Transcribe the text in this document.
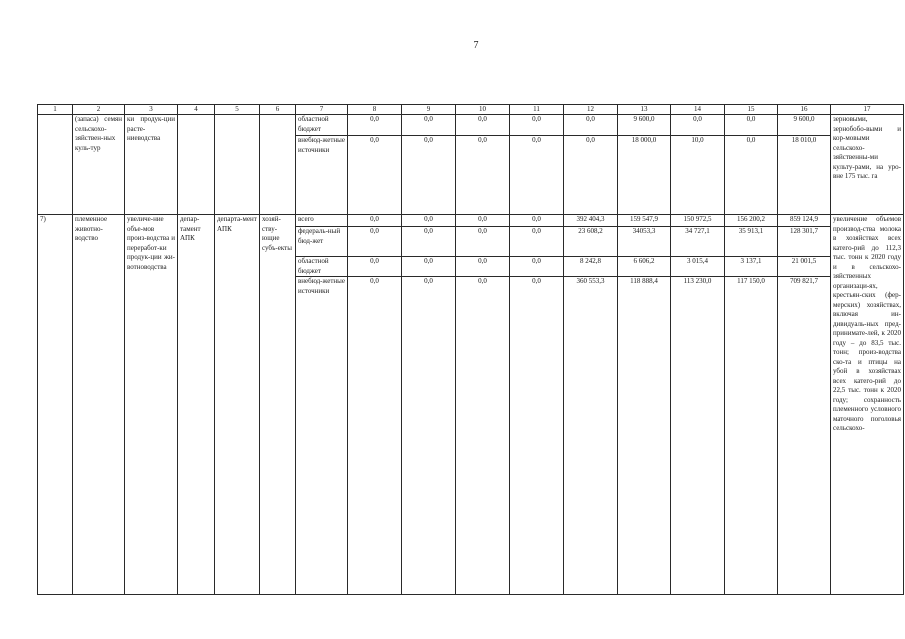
7
1	2	3	4	5	6	7	8	9	10	11	12	13	14	15	16	17
	(запаса) семян сельскохо-зяйствен-ных куль-тур	ки продук-ции расте-ниеводства				областной бюджет	0,0	0,0	0,0	0,0	0,0	9 600,0	0,0	0,0	9 600,0	зерновыми, зернобобо-выми и кор-мовыми сельскохо-зяйственны-ми культу-рами, на уро-вне 175 тыс. га
						внебюд-жетные источники	0,0	0,0	0,0	0,0	0,0	18 000,0	10,0	0,0	18 010,0	
7)	племенное животно-водство	увеличе-ние объе-мов произ-водства и переработ-ки продук-ции жи-вотноводства	депар-тамент АПК	департа-мент АПК	хозяй-ству-ющие субъ-екты	всего	0,0	0,0	0,0	0,0	392 404,3	159 547,9	150 972,5	156 200,2	859 124,9	увеличение объемов производ-ства молока в хозяйствах всех катего-рий до 112,3 тыс. тонн к 2020 году и в сельскохо-зяйственных организаци-ях, крестьян-ских (фер-мерских) хозяйствах, включая ин-дивидуаль-ных пред-принимате-лей, к 2020 году – до 83,5 тыс. тонн; произ-водства ско-та и птицы на убой в хозяйствах всех катего-рий до 22,5 тыс. тонн к 2020 году; сохранность племенного условного маточного поголовья сельскохо-
						федераль-ный бюд-жет	0,0	0,0	0,0	0,0	23 608,2	34053,3	34 727,1	35 913,1	128 301,7	
						областной бюджет	0,0	0,0	0,0	0,0	8 242,8	6 606,2	3 015,4	3 137,1	21 001,5	
						внебюд-жетные источники	0,0	0,0	0,0	0,0	360 553,3	118 888,4	113 230,0	117 150,0	709 821,7	
